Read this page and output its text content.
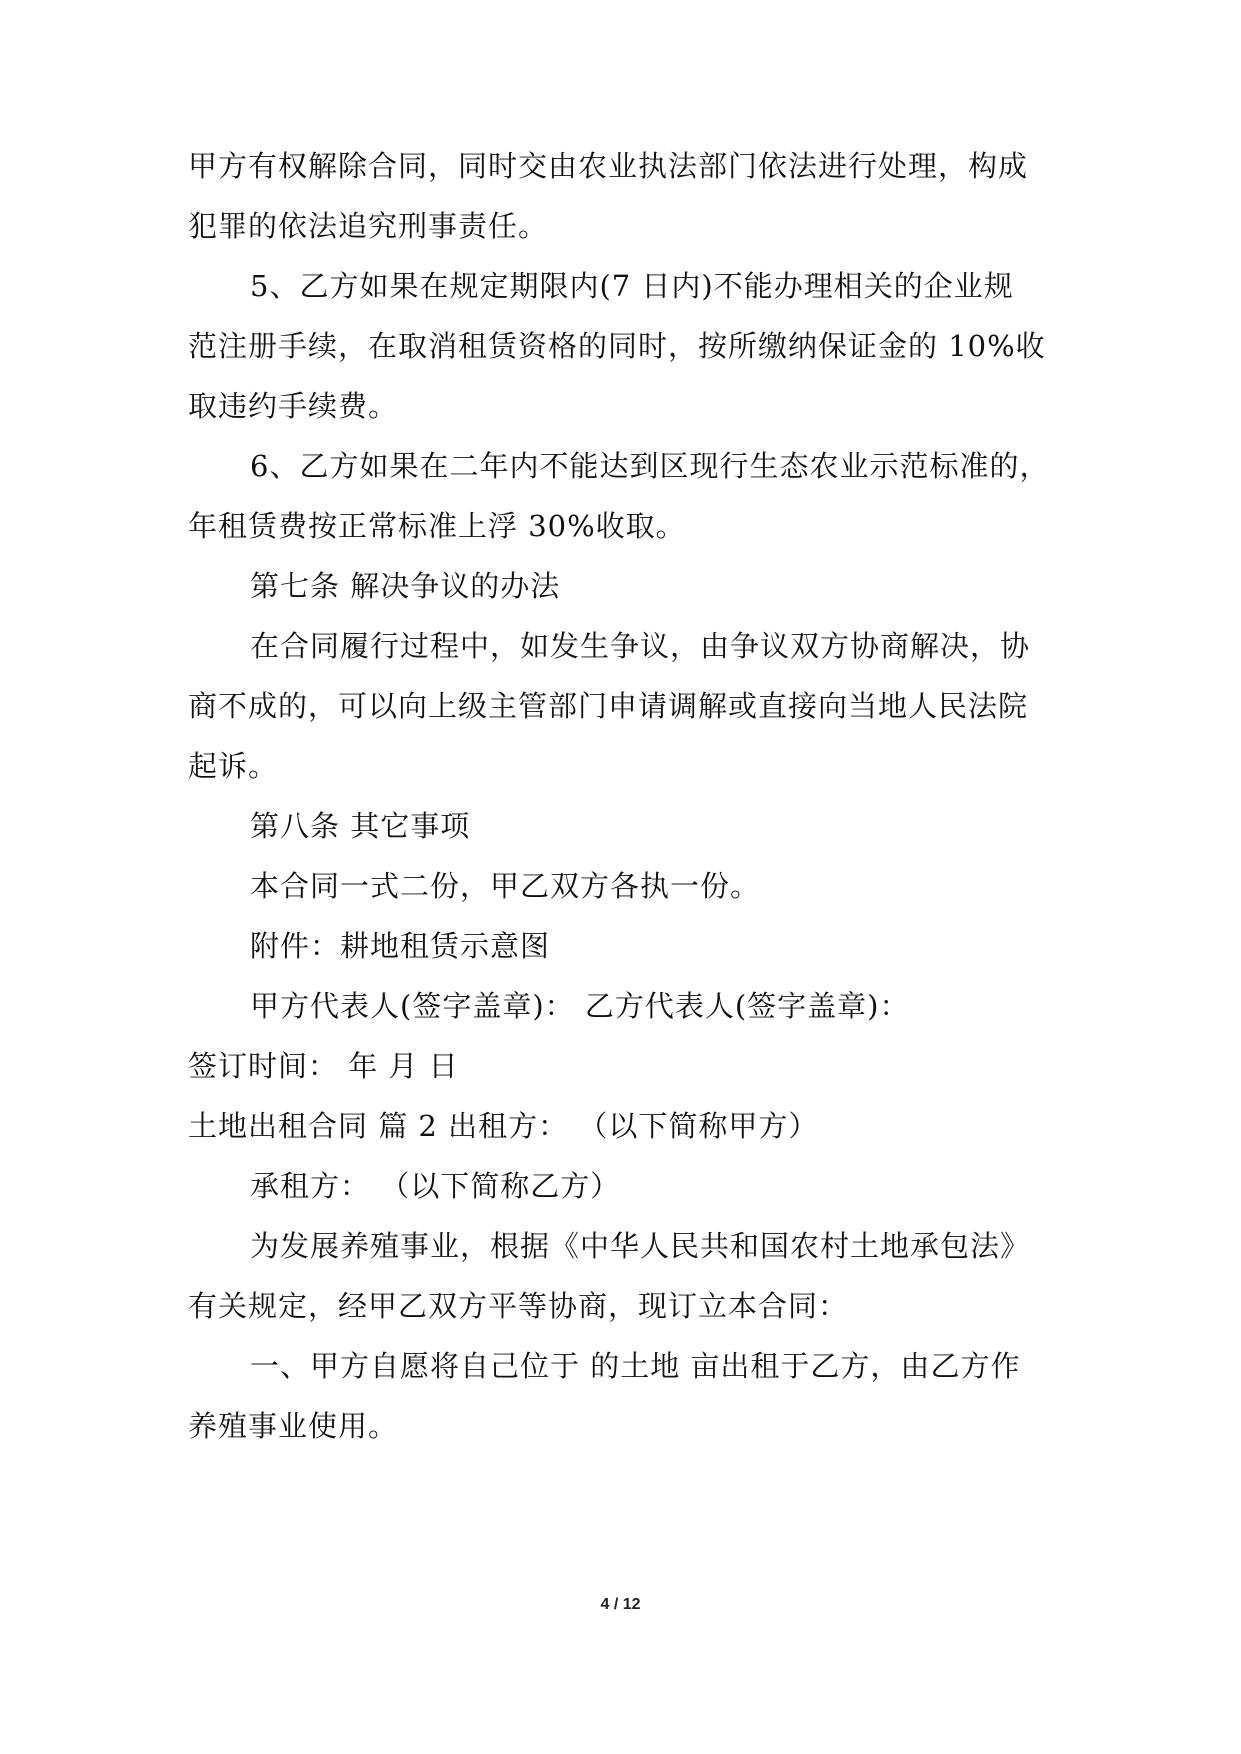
甲方有权解除合同，同时交由农业执法部门依法进行处理，构成
犯罪的依法追究刑事责任。
5、乙方如果在规定期限内(7 日内)不能办理相关的企业规
范注册手续，在取消租赁资格的同时，按所缴纳保证金的 10%收
取违约手续费。
6、乙方如果在二年内不能达到区现行生态农业示范标准的，
年租赁费按正常标准上浮 30%收取。
第七条 解决争议的办法
在合同履行过程中，如发生争议，由争议双方协商解决，协
商不成的，可以向上级主管部门申请调解或直接向当地人民法院
起诉。
第八条 其它事项
本合同一式二份，甲乙双方各执一份。
附件：耕地租赁示意图
甲方代表人(签字盖章)： 乙方代表人(签字盖章)：
签订时间： 年 月 日
土地出租合同 篇 2 出租方： （以下简称甲方）
承租方： （以下简称乙方）
为发展养殖事业，根据《中华人民共和国农村土地承包法》
有关规定，经甲乙双方平等协商，现订立本合同：
一、甲方自愿将自己位于 的土地 亩出租于乙方，由乙方作
养殖事业使用。
4 / 12
